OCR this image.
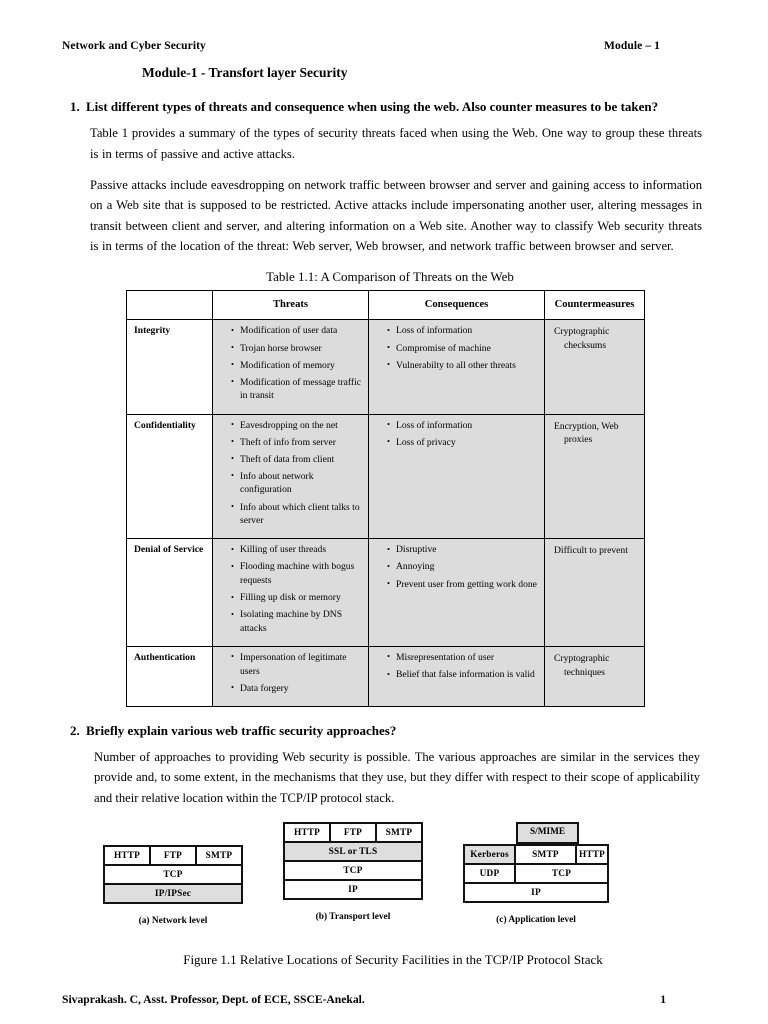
Network and Cyber Security	Module – 1
Module-1 - Transfort layer Security
1. List different types of threats and consequence when using the web. Also counter measures to be taken?

Table 1 provides a summary of the types of security threats faced when using the Web. One way to group these threats is in terms of passive and active attacks.

Passive attacks include eavesdropping on network traffic between browser and server and gaining access to information on a Web site that is supposed to be restricted. Active attacks include impersonating another user, altering messages in transit between client and server, and altering information on a Web site. Another way to classify Web security threats is in terms of the location of the threat: Web server, Web browser, and network traffic between browser and server.

Table 1.1: A Comparison of Threats on the Web
	Threats	Consequences	Countermeasures
Integrity	
•Modification of user data
• Trojan horse browser
• Modification of memory
• Modification of message traffic in transit

• Loss of information
• Compromise of machine
• Vulnerabilty to all other threats

Cryptographic
checksums

Confidentiality	
•Eavesdropping on the net
• Theft of info from server
• Theft of data from client
• Info about network configuration
• Info about which client talks to server

• Loss of information
• Loss of privacy

Encryption, Web
proxies

Denial of Service	
•Killing of user threads
• Flooding machine with bogus requests
• Filling up disk or memory
• Isolating machine by DNS attacks

• Disruptive
• Annoying
• Prevent user from getting work done

Difficult to prevent

Authentication	
•Impersonation of legitimate users
• Data forgery

• Misrepresentation of user
• Belief that false information is valid

Cryptographic
techniques
2. Briefly explain various web traffic security approaches?

Number of approaches to providing Web security is possible. The various approaches are similar in the services they provide and, to some extent, in the mechanisms that they use, but they differ with respect to their scope of applicability and their relative location within the TCP/IP protocol stack.

HTTP	FTP	SMTP
TCP
IP/IPSec
(a) Network level
HTTP	FTP	SMTP
SSL or TLS
TCP
IP
(b) Transport level
S/MIME
Kerberos	SMTP	HTTP
UDP	TCP
IP
(c) Application level
Figure 1.1 Relative Locations of Security Facilities in the TCP/IP Protocol Stack
Sivaprakash. C, Asst. Professor, Dept. of ECE, SSCE-Anekal.	1
